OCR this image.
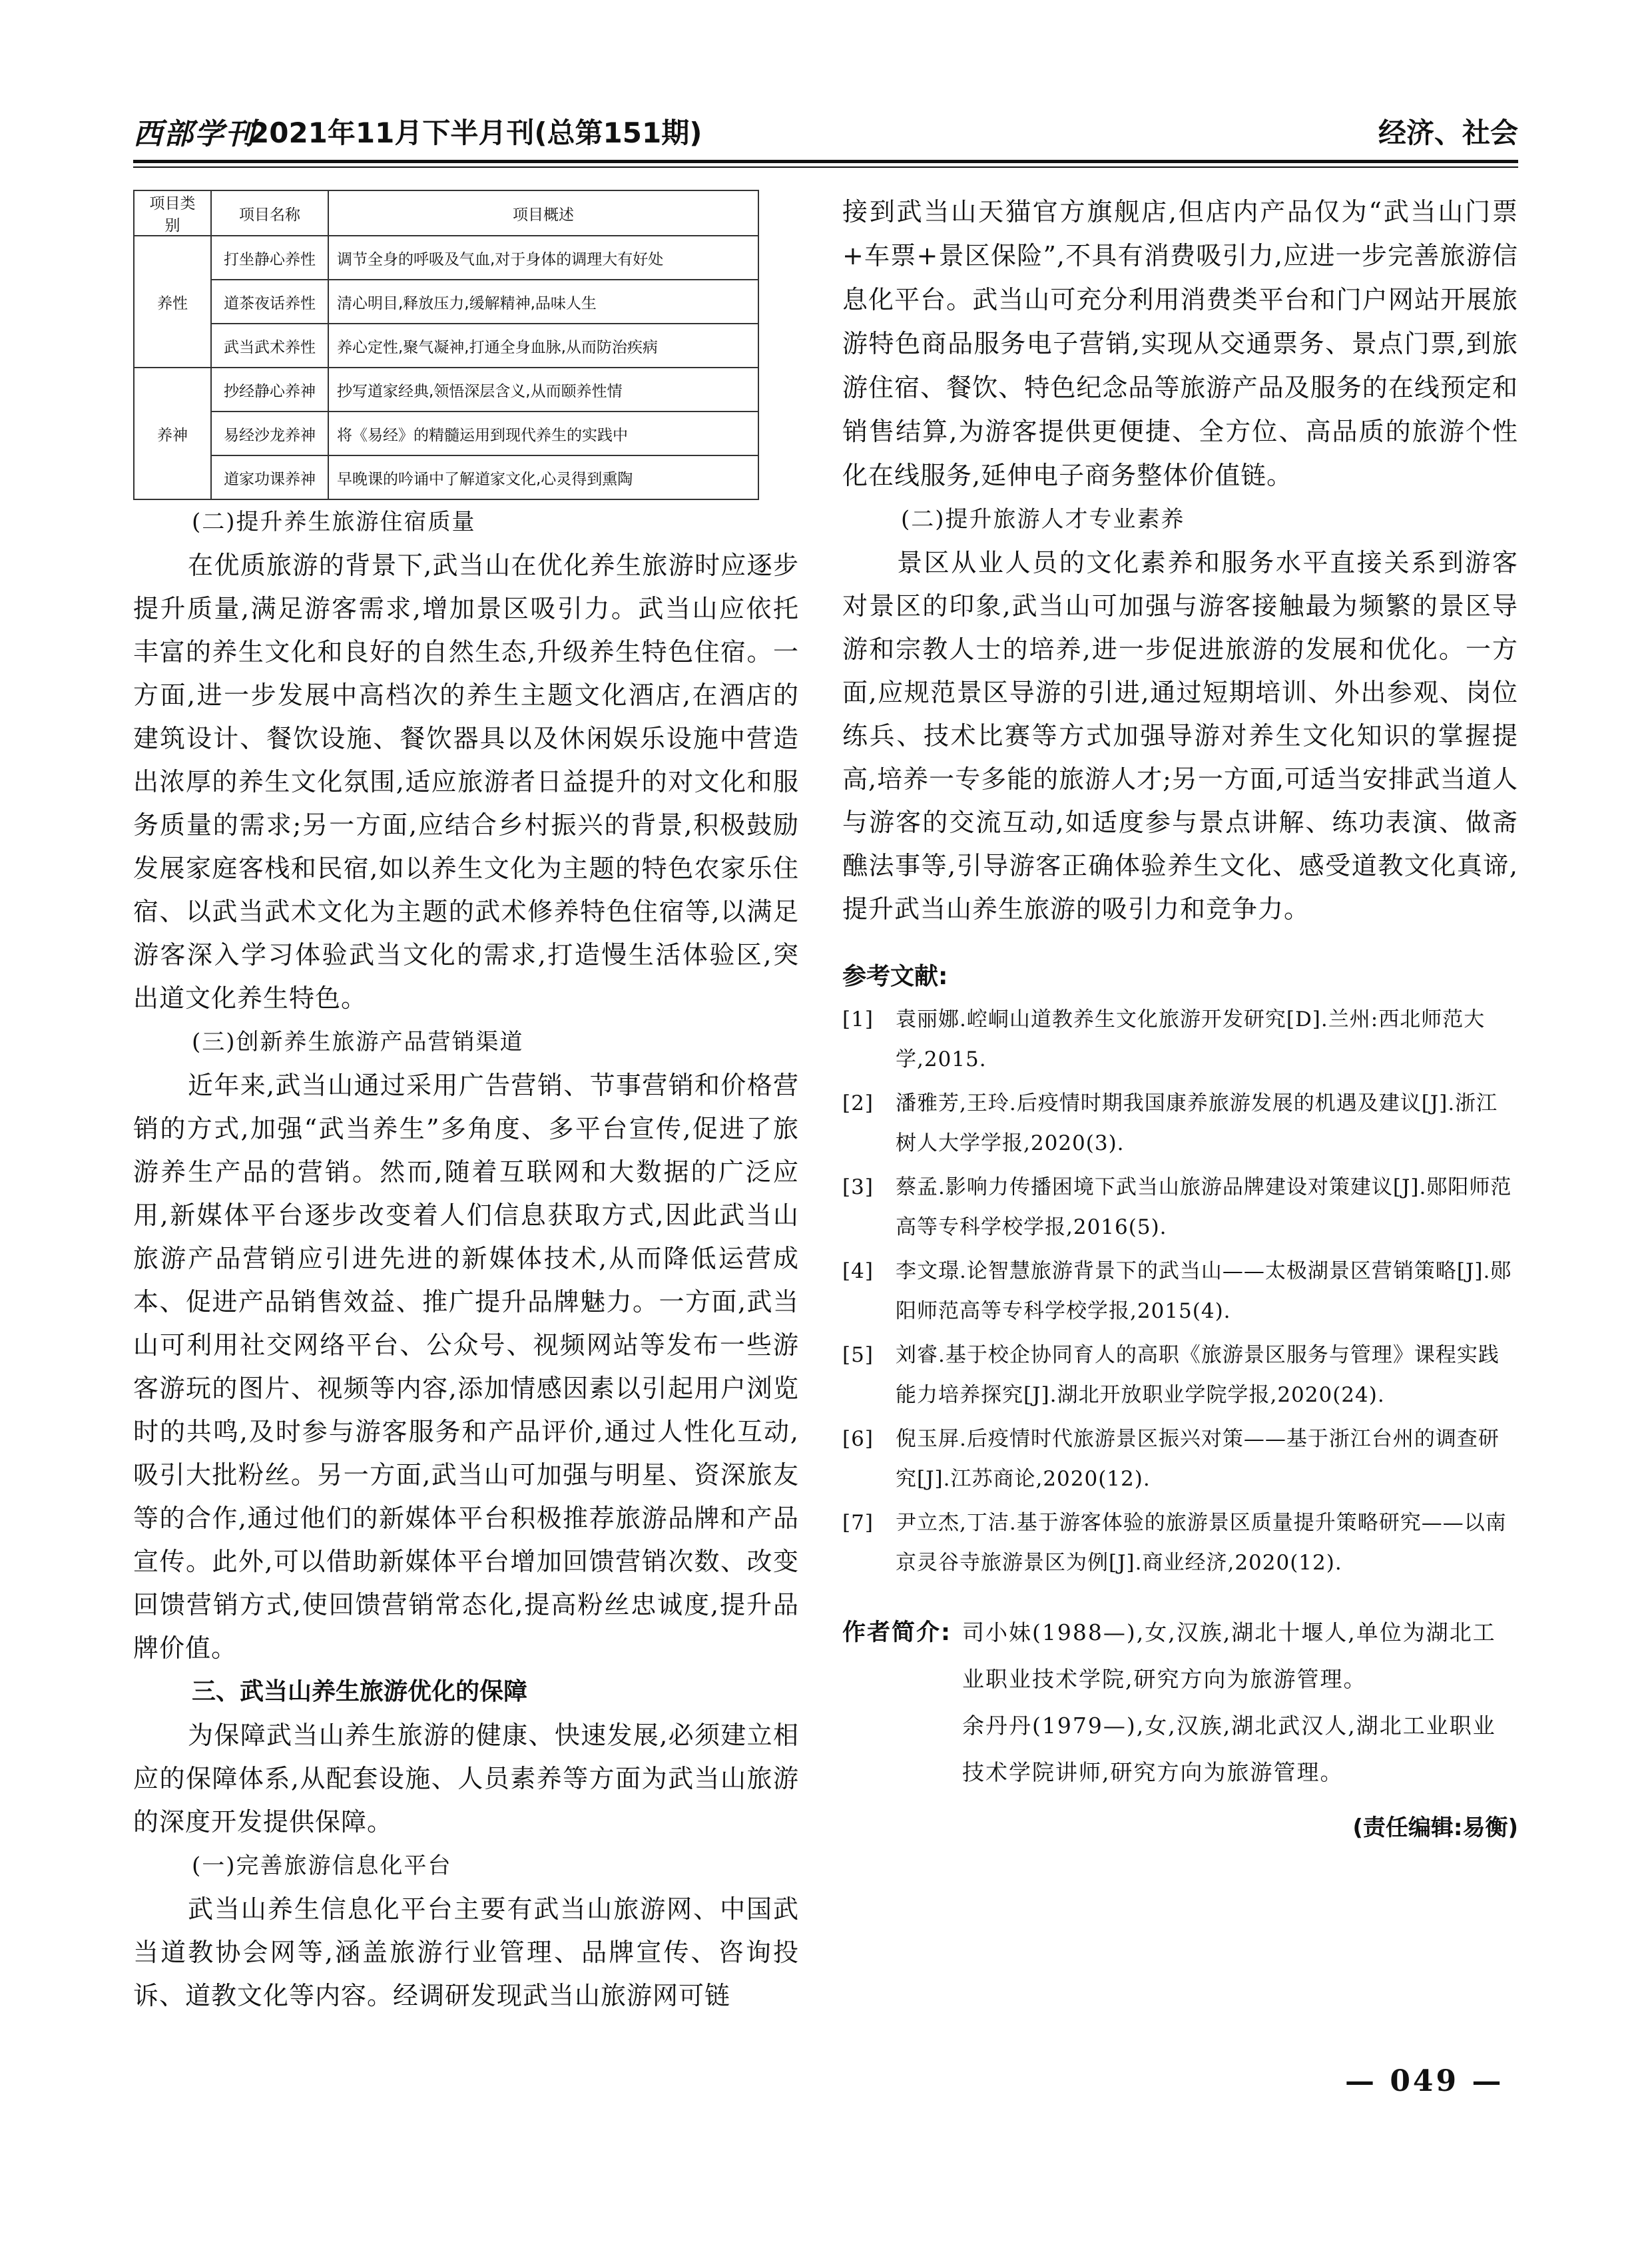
西部学刊
2021年11月下半月刊(总第151期)	经济、社会
项目类别	项目名称	项目概述
养性	打坐静心养性	调节全身的呼吸及气血,对于身体的调理大有好处
	道茶夜话养性	清心明目,释放压力,缓解精神,品味人生
	武当武术养性	养心定性,聚气凝神,打通全身血脉,从而防治疾病
养神	抄经静心养神	抄写道家经典,领悟深层含义,从而颐养性情
	易经沙龙养神	将《易经》的精髓运用到现代养生的实践中
	道家功课养神	早晚课的吟诵中了解道家文化,心灵得到熏陶

(二)提升养生旅游住宿质量

在优质旅游的背景下,武当山在优化养生旅游时应逐步提升质量,满足游客需求,增加景区吸引力。武当山应依托丰富的养生文化和良好的自然生态,升级养生特色住宿。一方面,进一步发展中高档次的养生主题文化酒店,在酒店的建筑设计、餐饮设施、餐饮器具以及休闲娱乐设施中营造出浓厚的养生文化氛围,适应旅游者日益提升的对文化和服务质量的需求;另一方面,应结合乡村振兴的背景,积极鼓励发展家庭客栈和民宿,如以养生文化为主题的特色农家乐住宿、以武当武术文化为主题的武术修养特色住宿等,以满足游客深入学习体验武当文化的需求,打造慢生活体验区,突出道文化养生特色。

(三)创新养生旅游产品营销渠道

近年来,武当山通过采用广告营销、节事营销和价格营销的方式,加强“武当养生”多角度、多平台宣传,促进了旅游养生产品的营销。然而,随着互联网和大数据的广泛应用,新媒体平台逐步改变着人们信息获取方式,因此武当山旅游产品营销应引进先进的新媒体技术,从而降低运营成本、促进产品销售效益、推广提升品牌魅力。一方面,武当山可利用社交网络平台、公众号、视频网站等发布一些游客游玩的图片、视频等内容,添加情感因素以引起用户浏览时的共鸣,及时参与游客服务和产品评价,通过人性化互动,吸引大批粉丝。另一方面,武当山可加强与明星、资深旅友等的合作,通过他们的新媒体平台积极推荐旅游品牌和产品宣传。此外,可以借助新媒体平台增加回馈营销次数、改变回馈营销方式,使回馈营销常态化,提高粉丝忠诚度,提升品牌价值。

三、武当山养生旅游优化的保障

为保障武当山养生旅游的健康、快速发展,必须建立相应的保障体系,从配套设施、人员素养等方面为武当山旅游的深度开发提供保障。

(一)完善旅游信息化平台

武当山养生信息化平台主要有武当山旅游网、中国武当道教协会网等,涵盖旅游行业管理、品牌宣传、咨询投诉、道教文化等内容。经调研发现武当山旅游网可链

接到武当山天猫官方旗舰店,但店内产品仅为“武当山门票+车票+景区保险”,不具有消费吸引力,应进一步完善旅游信息化平台。武当山可充分利用消费类平台和门户网站开展旅游特色商品服务电子营销,实现从交通票务、景点门票,到旅游住宿、餐饮、特色纪念品等旅游产品及服务的在线预定和销售结算,为游客提供更便捷、全方位、高品质的旅游个性化在线服务,延伸电子商务整体价值链。

(二)提升旅游人才专业素养

景区从业人员的文化素养和服务水平直接关系到游客对景区的印象,武当山可加强与游客接触最为频繁的景区导游和宗教人士的培养,进一步促进旅游的发展和优化。一方面,应规范景区导游的引进,通过短期培训、外出参观、岗位练兵、技术比赛等方式加强导游对养生文化知识的掌握提高,培养一专多能的旅游人才;另一方面,可适当安排武当道人与游客的交流互动,如适度参与景点讲解、练功表演、做斋醮法事等,引导游客正确体验养生文化、感受道教文化真谛,提升武当山养生旅游的吸引力和竞争力。

参考文献:

[1]	袁丽娜.崆峒山道教养生文化旅游开发研究[D].兰州:西北师范大学,2015.
[2]	潘雅芳,王玲.后疫情时期我国康养旅游发展的机遇及建议[J].浙江树人大学学报,2020(3).
[3]	蔡孟.影响力传播困境下武当山旅游品牌建设对策建议[J].郧阳师范高等专科学校学报,2016(5).
[4]	李文璟.论智慧旅游背景下的武当山——太极湖景区营销策略[J].郧阳师范高等专科学校学报,2015(4).
[5]	刘睿.基于校企协同育人的高职《旅游景区服务与管理》课程实践能力培养探究[J].湖北开放职业学院学报,2020(24).
[6]	倪玉屏.后疫情时代旅游景区振兴对策——基于浙江台州的调查研究[J].江苏商论,2020(12).
[7]	尹立杰,丁洁.基于游客体验的旅游景区质量提升策略研究——以南京灵谷寺旅游景区为例[J].商业经济,2020(12).
作者简介: 司小妹(1988—),女,汉族,湖北十堰人,单位为湖北工业职业技术学院,研究方向为旅游管理。
余丹丹(1979—),女,汉族,湖北武汉人,湖北工业职业技术学院讲师,研究方向为旅游管理。
(责任编辑:易衡)
— 049 —
